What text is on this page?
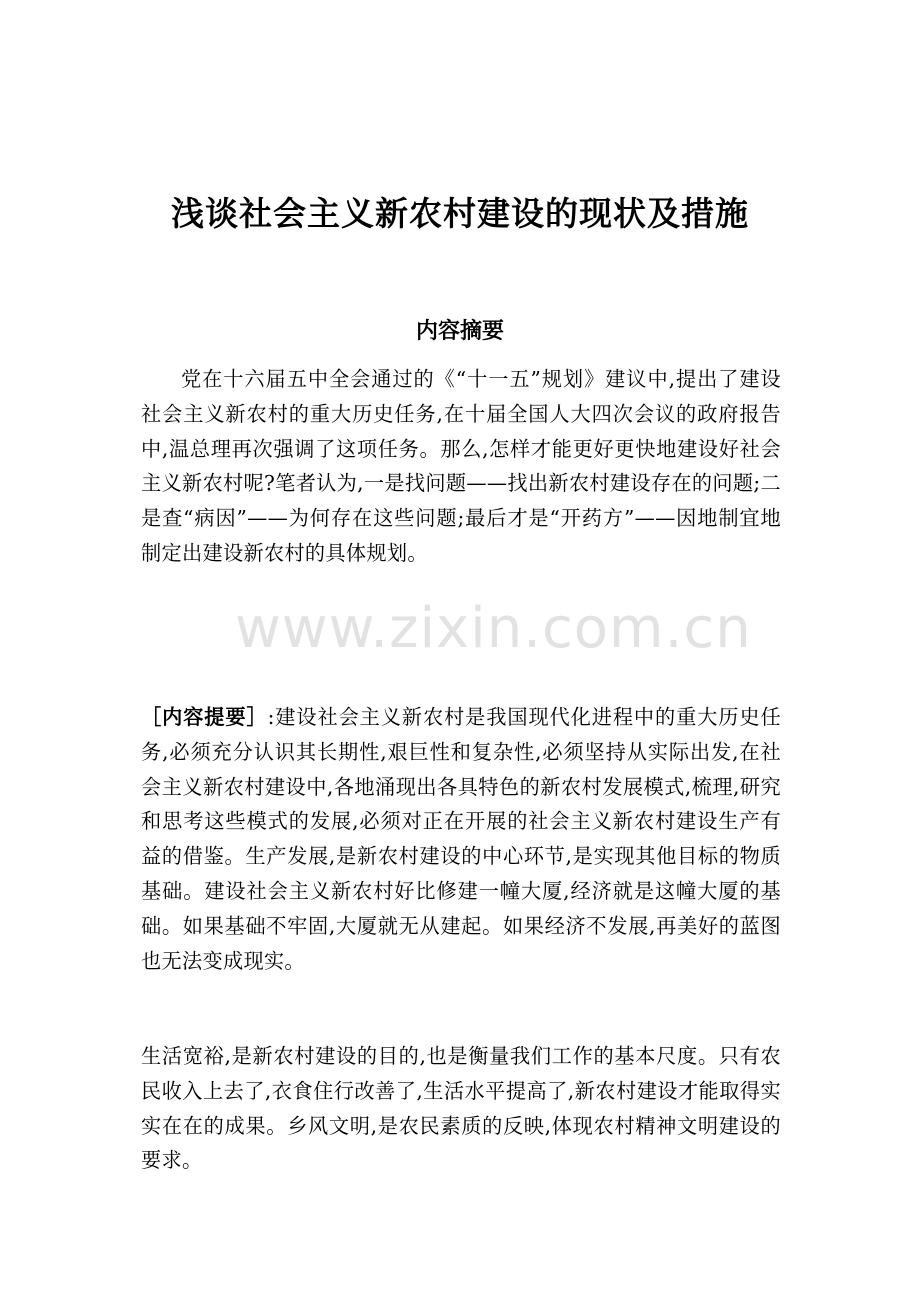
浅谈社会主义新农村建设的现状及措施
内容摘要
党在十六届五中全会通过的《“十一五”规划》建议中,提出了建设社会主义新农村的重大历史任务,在十届全国人大四次会议的政府报告中,温总理再次强调了这项任务。那么,怎样才能更好更快地建设好社会主义新农村呢?笔者认为,一是找问题——找出新农村建设存在的问题;二是查“病因”——为何存在这些问题;最后才是“开药方”——因地制宜地制定出建设新农村的具体规划。
www.zixin.com.cn
［内容提要］:建设社会主义新农村是我国现代化进程中的重大历史任务,必须充分认识其长期性,艰巨性和复杂性,必须坚持从实际出发,在社会主义新农村建设中,各地涌现出各具特色的新农村发展模式,梳理,研究和思考这些模式的发展,必须对正在开展的社会主义新农村建设生产有益的借鉴。生产发展,是新农村建设的中心环节,是实现其他目标的物质基础。建设社会主义新农村好比修建一幢大厦,经济就是这幢大厦的基础。如果基础不牢固,大厦就无从建起。如果经济不发展,再美好的蓝图也无法变成现实。
生活宽裕,是新农村建设的目的,也是衡量我们工作的基本尺度。只有农民收入上去了,衣食住行改善了,生活水平提高了,新农村建设才能取得实实在在的成果。乡风文明,是农民素质的反映,体现农村精神文明建设的要求。
